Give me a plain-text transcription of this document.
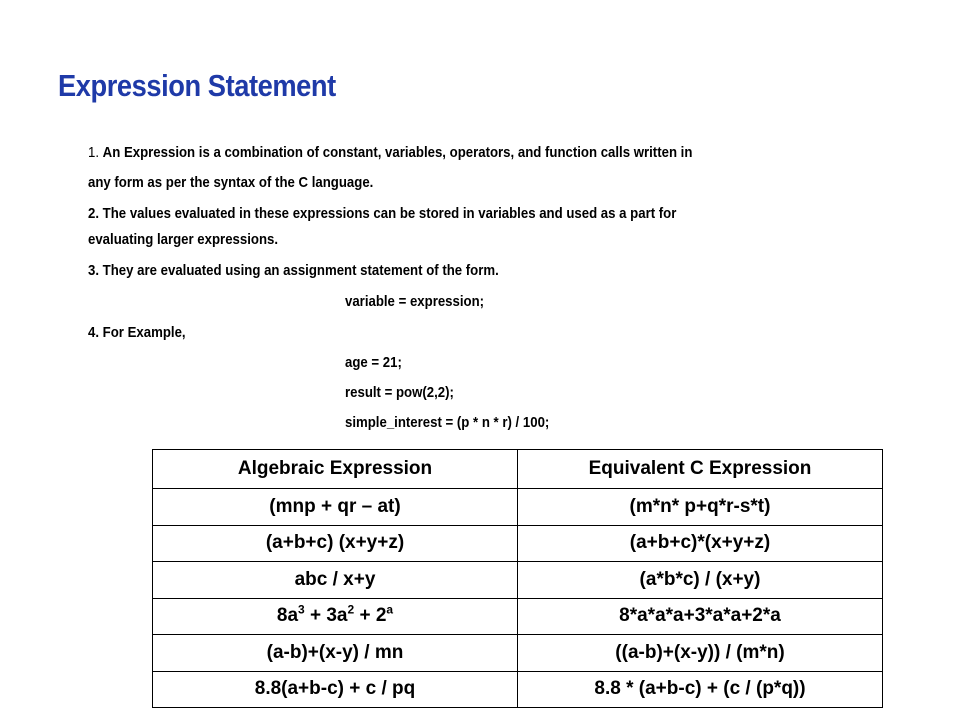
Expression Statement
1. An Expression is a combination of constant, variables, operators, and function calls written in
any form as per the syntax of the C language.
2. The values evaluated in these expressions can be stored in variables and used as a part for
evaluating larger expressions.
3. They are evaluated using an assignment statement of the form.
variable = expression;
4. For Example,
age = 21;
result = pow(2,2);
simple_interest = (p * n * r) / 100;
Algebraic Expression	Equivalent C Expression
(mnp + qr – at)	(m*n* p+q*r-s*t)
(a+b+c) (x+y+z)	(a+b+c)*(x+y+z)
abc / x+y	(a*b*c) / (x+y)
$8a^3 + 3a^2 + 2^a$	8*a*a*a+3*a*a+2*a
(a-b)+(x-y) / mn	((a-b)+(x-y)) / (m*n)
8.8(a+b-c) + c / pq	8.8 * (a+b-c) + (c / (p*q))
